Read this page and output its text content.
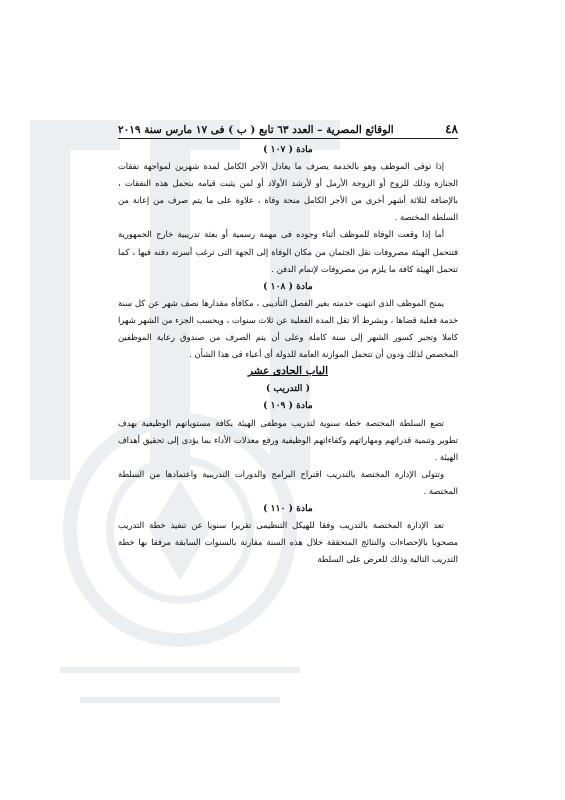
٤٨
الوقائع المصرية – العدد ٦٣ تابع ( ب ) فى ١٧ مارس سنة ٢٠١٩
مادة ( ١٠٧ )

إذا توفى الموظف وهو بالخدمة يصرف ما يعادل الأجر الكامل لمدة شهرين لمواجهة نفقات الجنازة وذلك للزوج أو الزوجة الأرمل أو لأرشد الأولاد أو لمن يثبت قيامه بتحمل هذه النفقات ، بالإضافة لثلاثة أشهر أخرى من الأجر الكامل منحة وفاة ، علاوة على ما يتم صرف من إعانة من السلطة المختصة .

أما إذا وقعت الوفاة للموظف أثناء وجوده فى مهمة رسمية أو بعثة تدريبية خارج الجمهورية فتتحمل الهيئة مصروفات نقل الجثمان من مكان الوفاة إلى الجهة التى ترغب أسرته دفنه فيها ، كما تتحمل الهيئة كافة ما يلزم من مصروفات لإتمام الدفن .

مادة ( ١٠٨ )

يمنح الموظف الذى انتهت خدمته بغير الفصل التأديبى ، مكافأة مقدارها نصف شهر عن كل سنة خدمة فعلية قضاها ، وبشرط ألا تقل المدة الفعلية عن ثلاث سنوات ، ويحسب الجزء من الشهر شهرا كاملا وتجبر كسور الشهر إلى سنة كاملة وعلى أن يتم الصرف من صندوق رعاية الموظفين المخصص لذلك ودون أن تتحمل الموازنة العامة للدولة أى أعباء فى هذا الشأن .

الباب الحادى عشر
( التدريب )
مادة ( ١٠٩ )

تضع السلطة المختصة خطة سنوية لتدريب موظفى الهيئة بكافة مستوياتهم الوظيفية بهدف تطوير وتنمية قدراتهم ومهاراتهم وكفاءاتهم الوظيفية ورفع معدلات الأداء بما يؤدى إلى تحقيق أهداف الهيئة .

وتتولى الإدارة المختصة بالتدريب اقتراح البرامج والدورات التدريبية واعتمادها من السلطة المختصة .

مادة ( ١١٠ )

تعد الإدارة المختصة بالتدريب وفقا للهيكل التنظيمى تقريرا سنويا عن تنفيذ خطة التدريب مصحوبا بالإحصاءات والنتائج المتحققة خلال هذه السنة مقارنة بالسنوات السابقة مرفقا بها خطة التدريب التالية وذلك للعرض على السلطة
